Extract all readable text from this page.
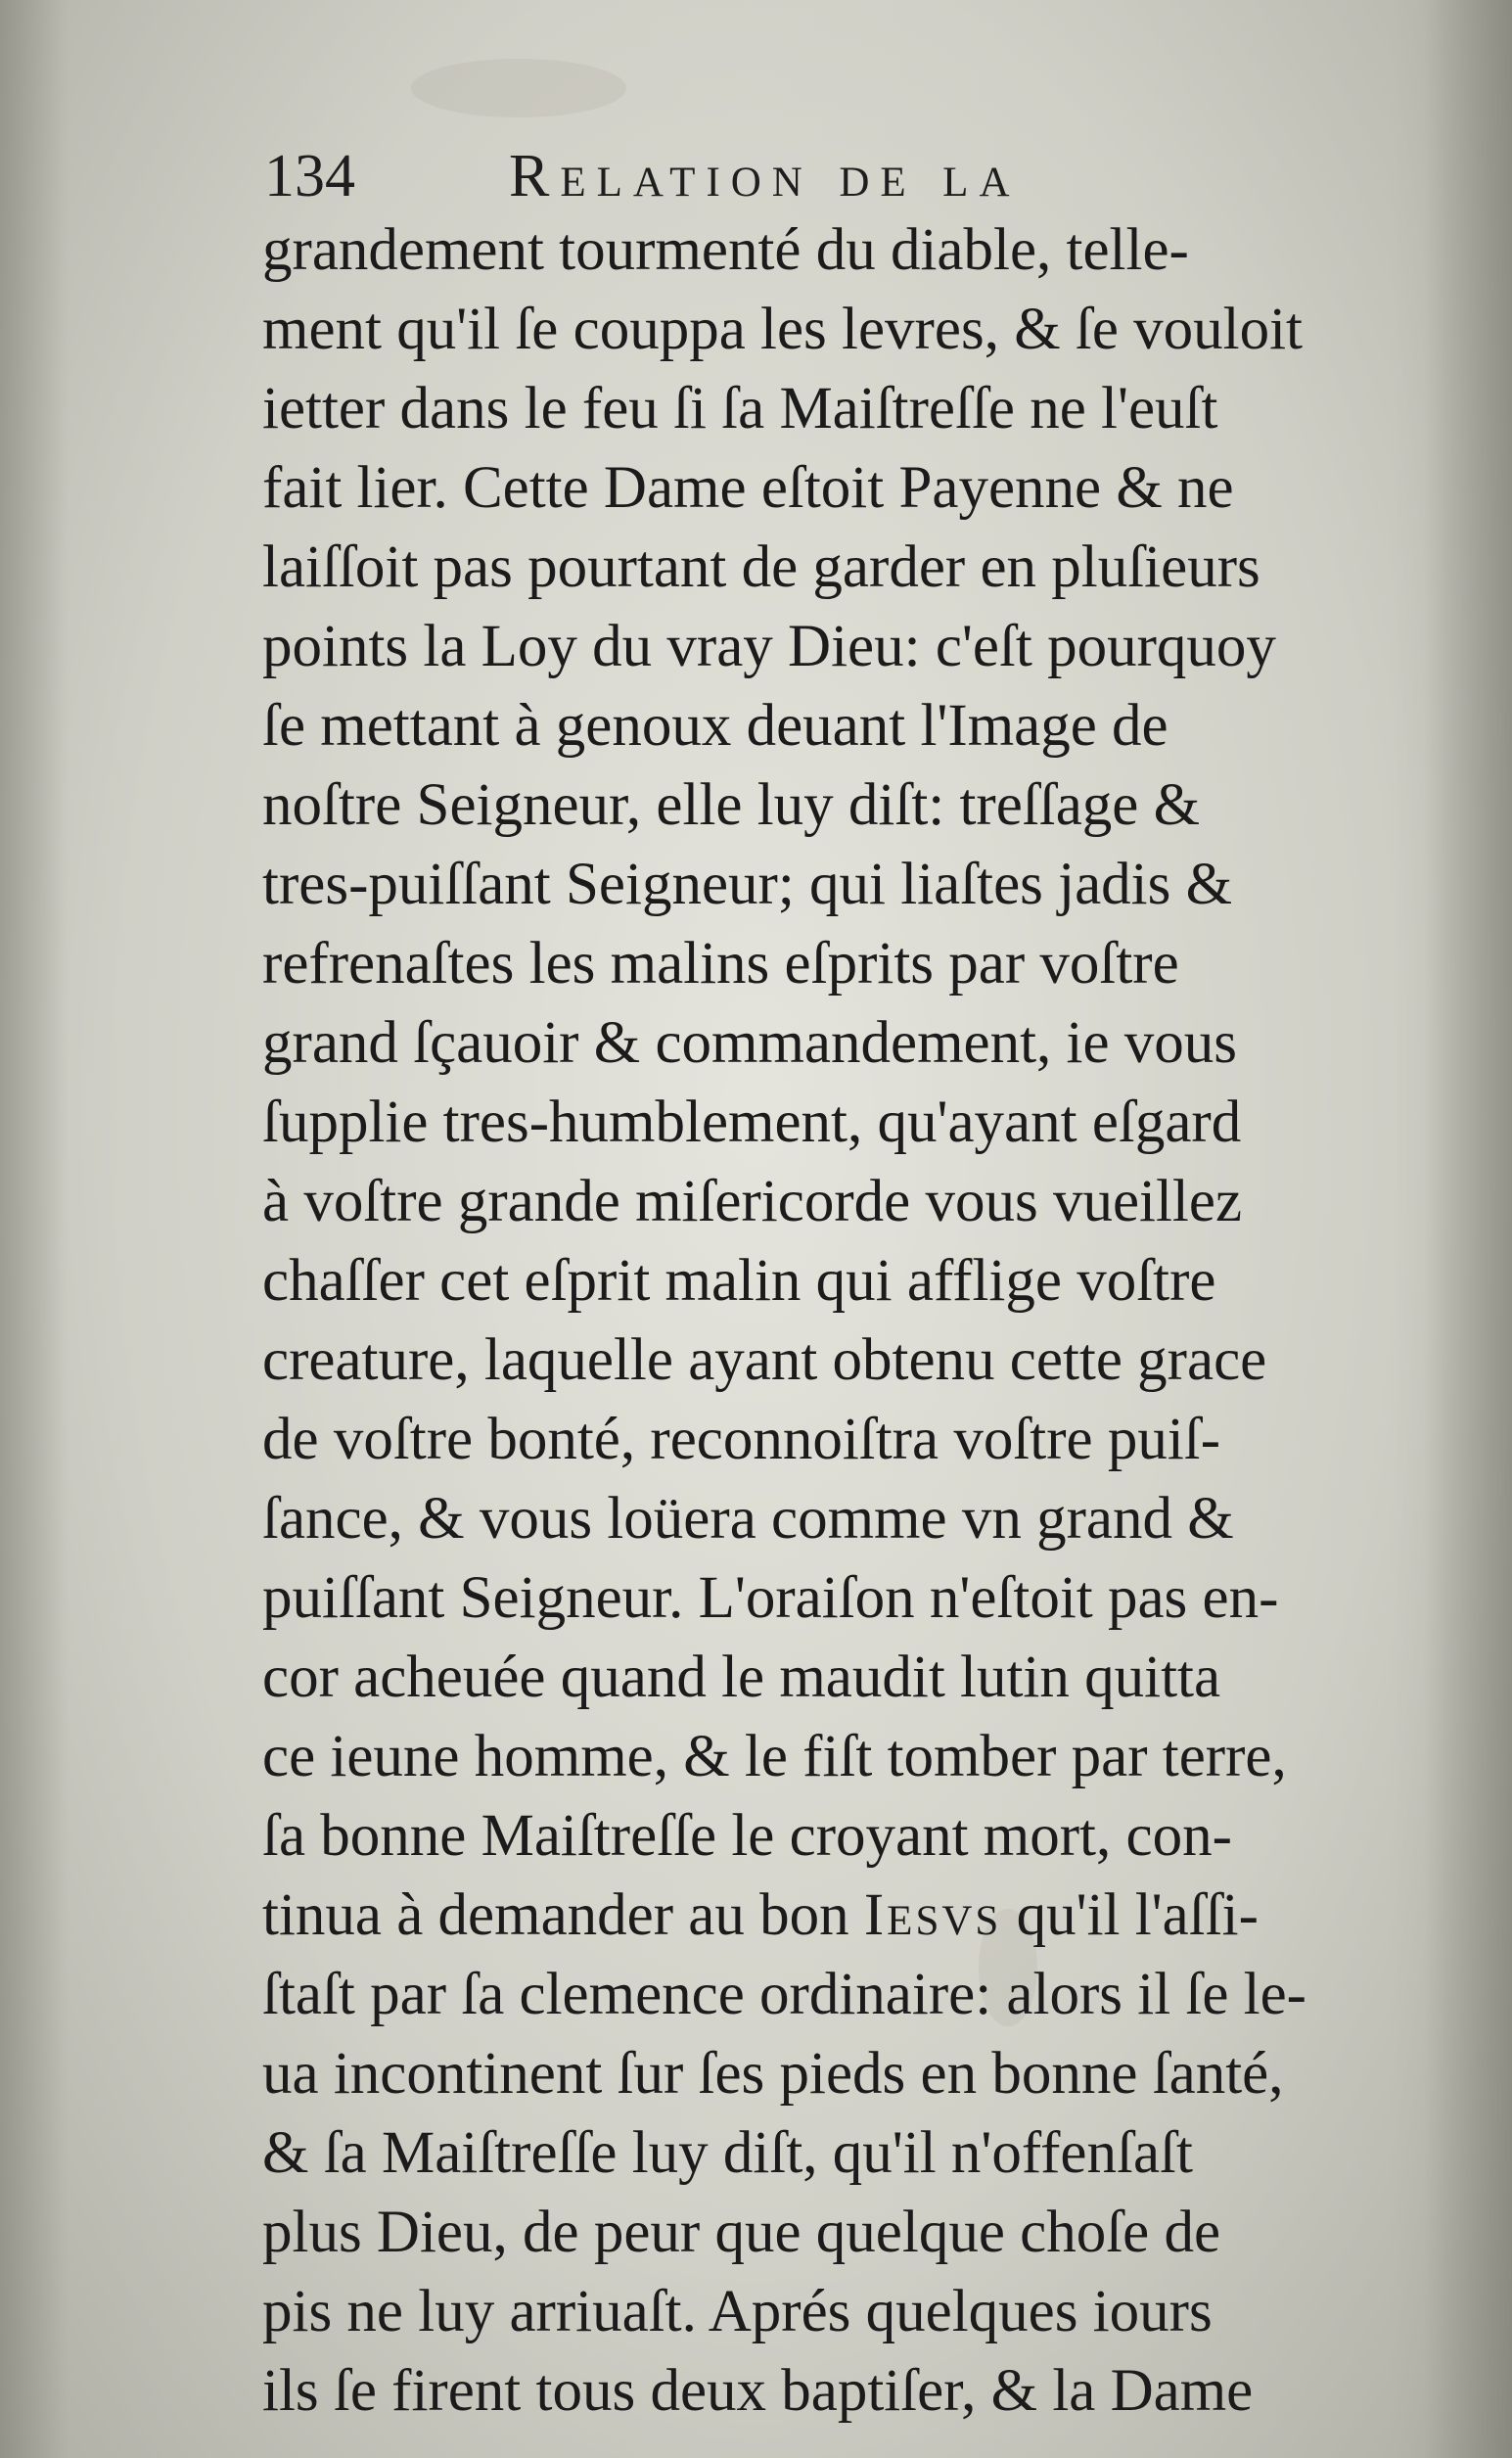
134	Relation de la
grandement tourmenté du diable, telle-
ment qu'il ſe couppa les levres, & ſe vouloit
ietter dans le feu ſi ſa Maiſtreſſe ne l'euſt
fait lier. Cette Dame eſtoit Payenne & ne
laiſſoit pas pourtant de garder en pluſieurs
points la Loy du vray Dieu: c'eſt pourquoy
ſe mettant à genoux deuant l'Image de
noſtre Seigneur, elle luy diſt: treſſage &
tres-puiſſant Seigneur; qui liaſtes jadis &
refrenaſtes les malins eſprits par voſtre
grand ſçauoir & commandement, ie vous
ſupplie tres-humblement, qu'ayant eſgard
à voſtre grande miſericorde vous vueillez
chaſſer cet eſprit malin qui afflige voſtre
creature, laquelle ayant obtenu cette grace
de voſtre bonté, reconnoiſtra voſtre puiſ-
ſance, & vous loüera comme vn grand &
puiſſant Seigneur. L'oraiſon n'eſtoit pas en-
cor acheuée quand le maudit lutin quitta
ce ieune homme, & le fiſt tomber par terre,
ſa bonne Maiſtreſſe le croyant mort, con-
tinua à demander au bon Iesvs qu'il l'aſſi-
ſtaſt par ſa clemence ordinaire: alors il ſe le-
ua incontinent ſur ſes pieds en bonne ſanté,
& ſa Maiſtreſſe luy diſt, qu'il n'offenſaſt
plus Dieu, de peur que quelque choſe de
pis ne luy arriuaſt. Aprés quelques iours
ils ſe firent tous deux baptiſer, & la Dame
